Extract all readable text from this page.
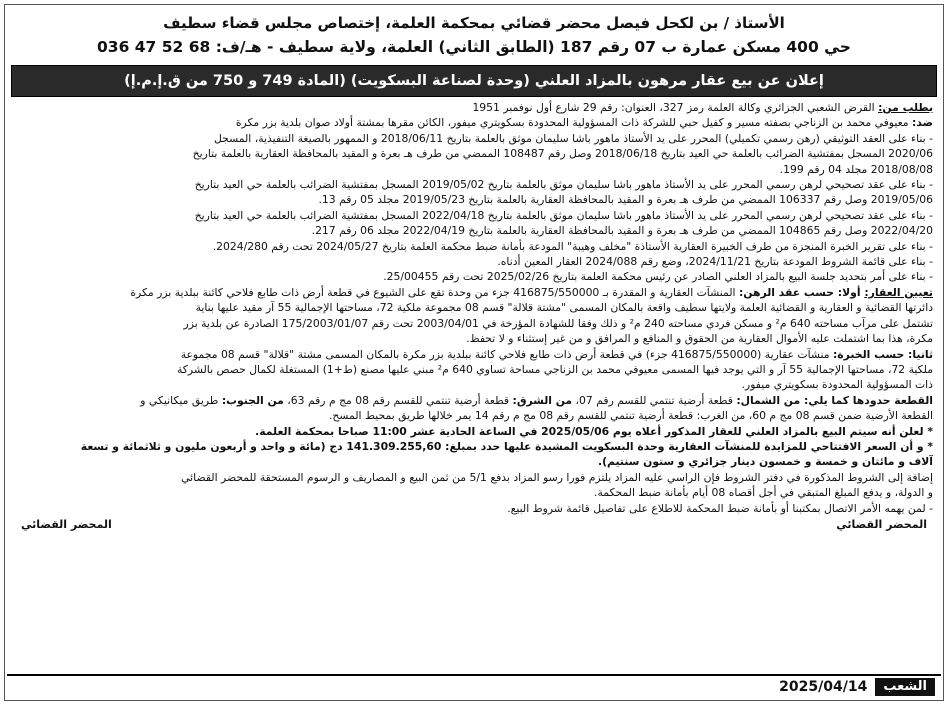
الأستاذ / بن لكحل فيصل محضر قضائي بمحكمة العلمة، إختصاص مجلس قضاء سطيف

حي 400 مسكن عمارة ب 07 رقم 187 (الطابق الثاني) العلمة، ولاية سطيف - هـ/ف: 68 52 47 036

إعلان عن بيع عقار مرهون بالمزاد العلني (وحدة لصناعة البسكويت) (المادة 749 و 750 من ق.إ.م.إ)

بطلب من: القرض الشعبي الجزائري وكالة العلمة رمز 327، العنوان: رقم 29 شارع أول نوفمبر 1951

ضد: معيوفي محمد بن الزناجي بصفته مسير و كفيل حبي للشركة ذات المسؤولية المحدودة بسكويتري ميفور، الكائن مقرها بمشتة أولاد صوان بلدية بزر مكرة

- بناء على العقد التوثيقي (رهن رسمي تكميلي) المحرر على يد الأستاذ ماهور باشا سليمان موثق بالعلمة بتاريخ 2018/06/11 و الممهور بالصيغة التنفيذية، المسجل

2020/06 المسجل بمفتشية الضرائب بالعلمة حي العيد بتاريخ 2018/06/18 وصل رقم 108487 الممضي من طرف هـ بعرة و المقيد بالمحافظة العقارية بالعلمة بتاريخ

2018/08/08 مجلد 04 رقم 199.

- بناء على عقد تصحيحي لرهن رسمي المحرر على يد الأستاذ ماهور باشا سليمان موثق بالعلمة بتاريخ 2019/05/02 المسجل بمفتشية الضرائب بالعلمة حي العيد بتاريخ

2019/05/06 وصل رقم 106337 الممضي من طرف هـ بعرة و المقيد بالمحافظة العقارية بالعلمة بتاريخ 2019/05/23 مجلد 05 رقم 13.

- بناء على عقد تصحيحي لرهن رسمي المحرر على يد الأستاذ ماهور باشا سليمان موثق بالعلمة بتاريخ 2022/04/18 المسجل بمفتشية الضرائب بالعلمة حي العيد بتاريخ

2022/04/20 وصل رقم 104865 الممضي من طرف هـ بعرة و المقيد بالمحافظة العقارية بالعلمة بتاريخ 2022/04/19 مجلد 06 رقم 217.

- بناء على تقرير الخبرة المنجزة من طرف الخبيرة العقارية الأستاذة "مخلف وهيبة" المودعة بأمانة ضبط محكمة العلمة بتاريخ 2024/05/27 تحت رقم 2024/280.

- بناء على قائمة الشروط المودعة بتاريخ 2024/11/21، وضع رقم 2024/088 العقار المعين أدناه.

- بناء على أمر بتحديد جلسة البيع بالمزاد العلني الصادر عن رئيس محكمة العلمة بتاريخ 2025/02/26 تحت رقم 25/00455.

تعيين العقار: أولا: حسب عقد الرهن: المنشآت العقارية و المقدرة بـ 416875/550000 جزء من وحدة تقع على الشيوع في قطعة أرض ذات طابع فلاحي كائنة ببلدية بزر مكرة

دائرتها القضائية و العقارية و القضائية العلمة ولايتها سطيف واقعة بالمكان المسمى "مشتة قلالة" قسم 08 مجموعة ملكية 72، مساحتها الإجمالية 55 آر مقيد عليها بناية

تشتمل على مرآب مساحته 640 م² و مسكن فردي مساحته 240 م² و ذلك وفقا للشهادة المؤرخة في 2003/04/01 تحت رقم 175/2003/01/07 الصادرة عن بلدية بزر

مكرة، هذا بما اشتملت عليه الأموال العقارية من الحقوق و المنافع و المرافق و من غير إستثناء و لا تحفظ.

ثانيا: حسب الخبرة: منشآت عقارية (416875/550000 جزء) في قطعة أرض ذات طابع فلاحي كائنة ببلدية بزر مكرة بالمكان المسمى مشتة "قلالة" قسم 08 مجموعة

ملكية 72، مساحتها الإجمالية 55 آر و التي يوجد فيها المسمى معيوفي محمد بن الزناجي مساحة تساوي 640 م² مبني عليها مصنع (ط+1) المستغلة لكمال حصص بالشركة

ذات المسؤولية المحدودة بسكويتري ميفور.

القطعة حدودها كما يلي: من الشمال: قطعة أرضية تنتمي للقسم رقم 07، من الشرق: قطعة أرضية تنتمي للقسم رقم 08 مج م رقم 63، من الجنوب: طريق ميكانيكي و

القطعة الأرضية ضمن قسم 08 مج م 60، من الغرب: قطعة أرضية تنتمي للقسم رقم 08 مج م رقم 14 يمر خلالها طريق بمحيط المسح.

* لعلن أنه سيتم البيع بالمزاد العلني للعقار المذكور أعلاه يوم 2025/05/06 في الساعة الحادية عشر 11:00 صباحا بمحكمة العلمة.

* و أن السعر الافتتاحي للمزايدة للمنشآت العقارية وحدة البسكويت المشيدة عليها حدد بمبلغ: 141.309.255,60 دج (مائة و واحد و أربعون مليون و ثلاثمائة و تسعة

آلاف و مائتان و خمسة و خمسون دينار جزائري و ستون سنتيم).

إضافة إلى الشروط المذكورة في دفتر الشروط فإن الراسي عليه المزاد يلتزم فورا رسو المزاد بدفع 5/1 من ثمن البيع و المصاريف و الرسوم المستحقة للمحضر القضائي

و الدولة، و يدفع المبلغ المتبقي في أجل أقصاه 08 أيام بأمانة ضبط المحكمة.

- لمن يهمه الأمر الاتصال بمكتبنا أو بأمانة ضبط المحكمة للاطلاع على تفاصيل قائمة شروط البيع.

المحضر القضائي
المحضر القضائي
الشعب
2025/04/14
